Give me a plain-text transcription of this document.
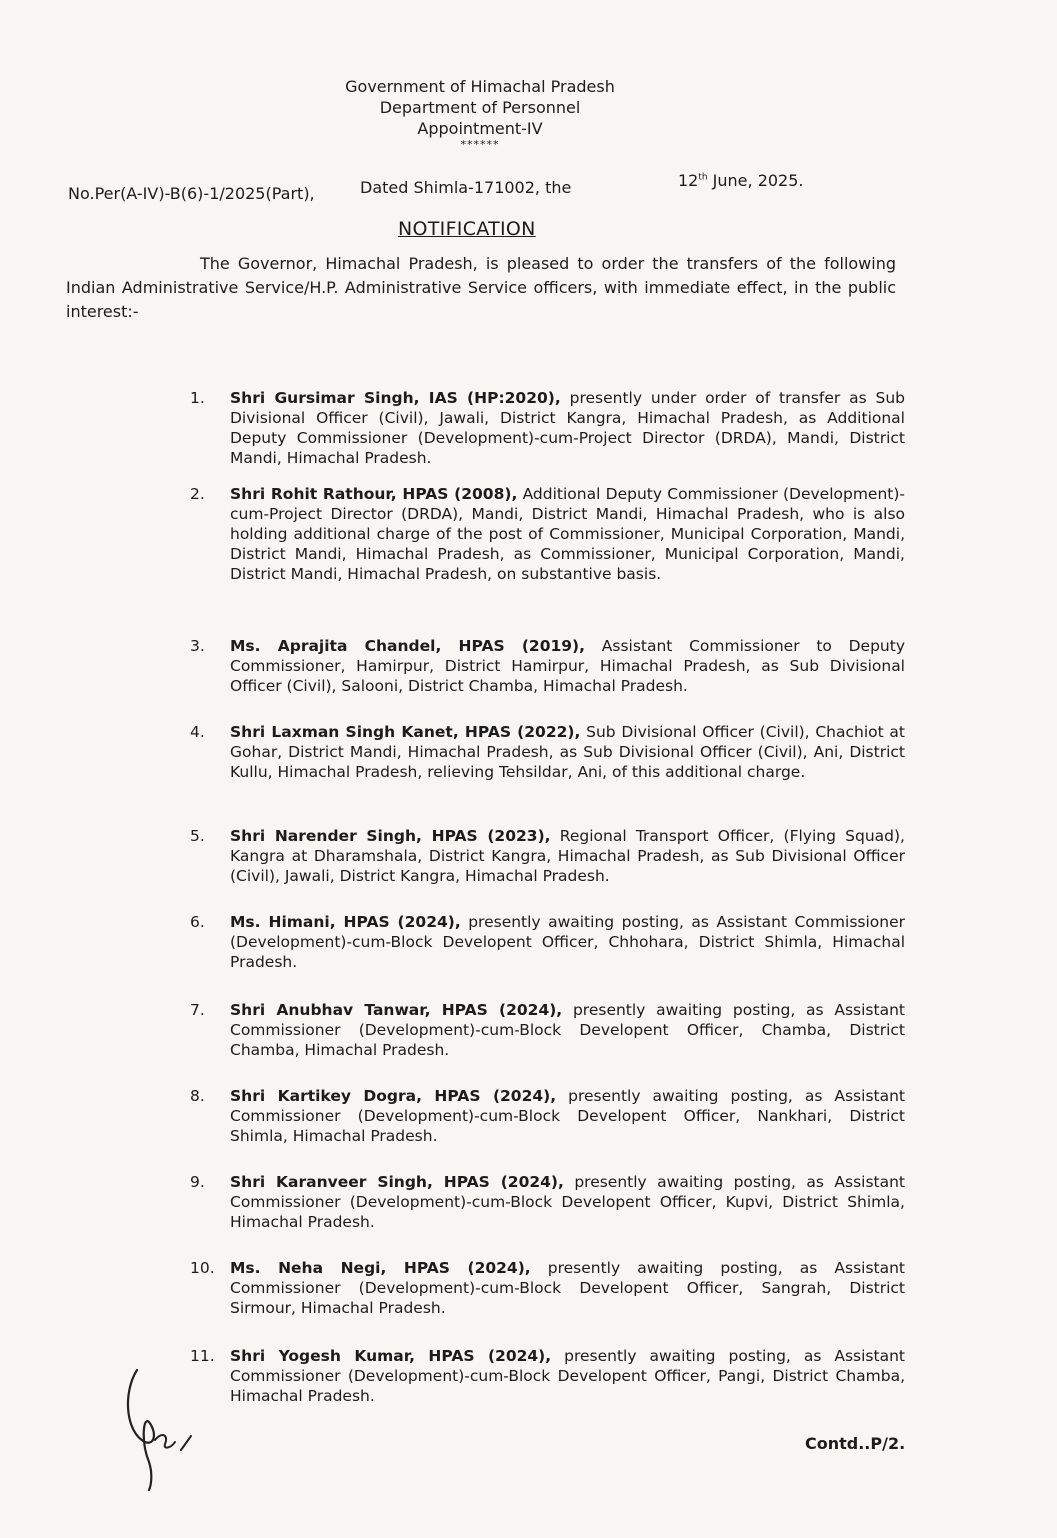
Government of Himachal Pradesh
Department of Personnel
Appointment-IV
******
No.Per(A-IV)-B(6)-1/2025(Part),	Dated Shimla-171002, the	12th June, 2025.
NOTIFICATION
The Governor, Himachal Pradesh, is pleased to order the transfers of the following Indian Administrative Service/H.P. Administrative Service officers, with immediate effect, in the public interest:-
1.	Shri Gursimar Singh, IAS (HP:2020), presently under order of transfer as Sub Divisional Officer (Civil), Jawali, District Kangra, Himachal Pradesh, as Additional Deputy Commissioner (Development)-cum-Project Director (DRDA), Mandi, District Mandi, Himachal Pradesh.
2.	Shri Rohit Rathour, HPAS (2008), Additional Deputy Commissioner (Development)-cum-Project Director (DRDA), Mandi, District Mandi, Himachal Pradesh, who is also holding additional charge of the post of Commissioner, Municipal Corporation, Mandi, District Mandi, Himachal Pradesh, as Commissioner, Municipal Corporation, Mandi, District Mandi, Himachal Pradesh, on substantive basis.
3.	Ms. Aprajita Chandel, HPAS (2019), Assistant Commissioner to Deputy Commissioner, Hamirpur, District Hamirpur, Himachal Pradesh, as Sub Divisional Officer (Civil), Salooni, District Chamba, Himachal Pradesh.
4.	Shri Laxman Singh Kanet, HPAS (2022), Sub Divisional Officer (Civil), Chachiot at Gohar, District Mandi, Himachal Pradesh, as Sub Divisional Officer (Civil), Ani, District Kullu, Himachal Pradesh, relieving Tehsildar, Ani, of this additional charge.
5.	Shri Narender Singh, HPAS (2023), Regional Transport Officer, (Flying Squad), Kangra at Dharamshala, District Kangra, Himachal Pradesh, as Sub Divisional Officer (Civil), Jawali, District Kangra, Himachal Pradesh.
6.	Ms. Himani, HPAS (2024), presently awaiting posting, as Assistant Commissioner (Development)-cum-Block Developent Officer, Chhohara, District Shimla, Himachal Pradesh.
7.	Shri Anubhav Tanwar, HPAS (2024), presently awaiting posting, as Assistant Commissioner (Development)-cum-Block Developent Officer, Chamba, District Chamba, Himachal Pradesh.
8.	Shri Kartikey Dogra, HPAS (2024), presently awaiting posting, as Assistant Commissioner (Development)-cum-Block Developent Officer, Nankhari, District Shimla, Himachal Pradesh.
9.	Shri Karanveer Singh, HPAS (2024), presently awaiting posting, as Assistant Commissioner (Development)-cum-Block Developent Officer, Kupvi, District Shimla, Himachal Pradesh.
10. Ms. Neha Negi, HPAS (2024), presently awaiting posting, as Assistant Commissioner (Development)-cum-Block Developent Officer, Sangrah, District Sirmour, Himachal Pradesh.
11. Shri Yogesh Kumar, HPAS (2024), presently awaiting posting, as Assistant Commissioner (Development)-cum-Block Developent Officer, Pangi, District Chamba, Himachal Pradesh.
Contd..P/2.
